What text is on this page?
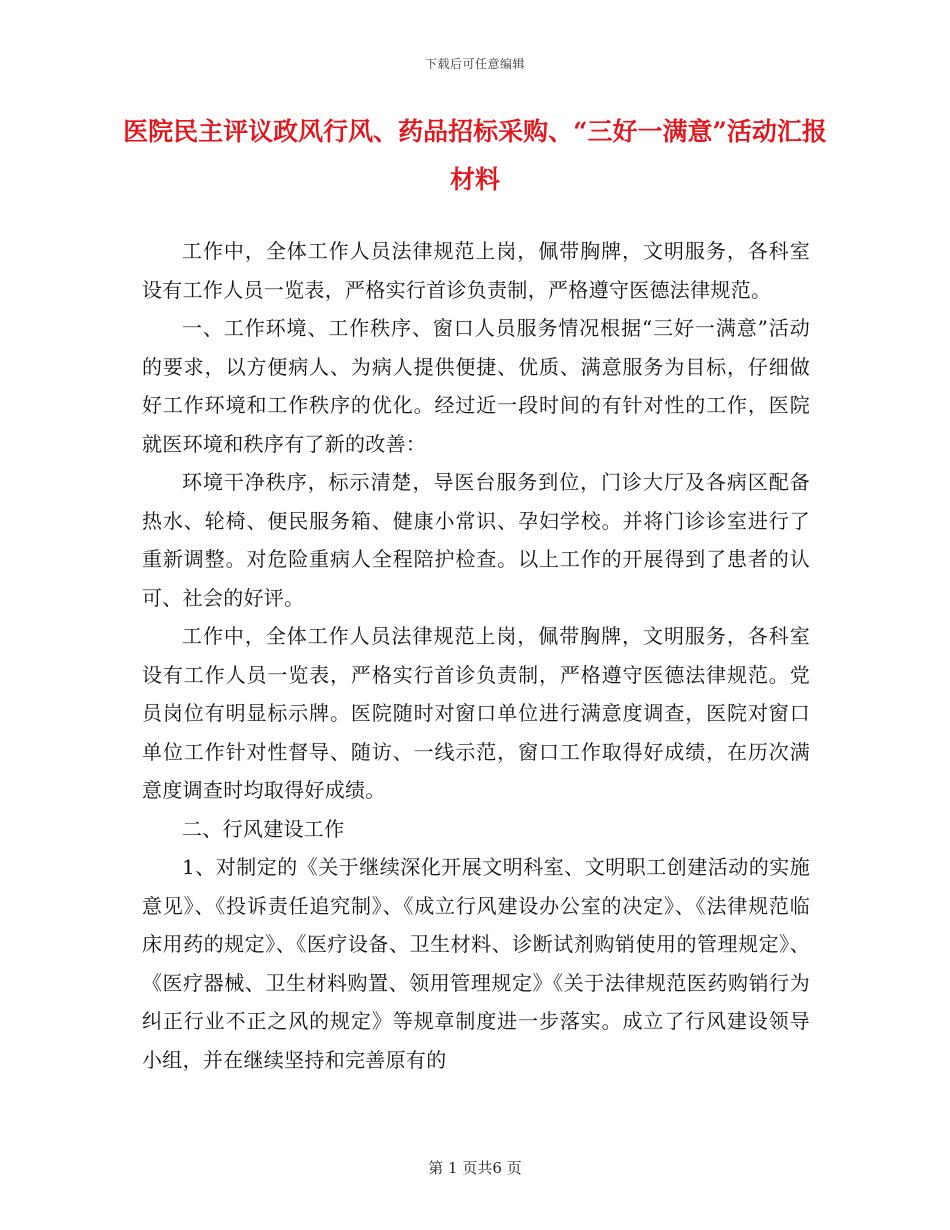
下载后可任意编辑
医院民主评议政风行风、药品招标采购、“三好一满意”活动汇报材料

工作中，全体工作人员法律规范上岗，佩带胸牌，文明服务，各科室设有工作人员一览表，严格实行首诊负责制，严格遵守医德法律规范。

一、工作环境、工作秩序、窗口人员服务情况根据“三好一满意”活动的要求，以方便病人、为病人提供便捷、优质、满意服务为目标，仔细做好工作环境和工作秩序的优化。经过近一段时间的有针对性的工作，医院就医环境和秩序有了新的改善：

环境干净秩序，标示清楚，导医台服务到位，门诊大厅及各病区配备热水、轮椅、便民服务箱、健康小常识、孕妇学校。并将门诊诊室进行了重新调整。对危险重病人全程陪护检查。以上工作的开展得到了患者的认可、社会的好评。

工作中，全体工作人员法律规范上岗，佩带胸牌，文明服务，各科室设有工作人员一览表，严格实行首诊负责制，严格遵守医德法律规范。党员岗位有明显标示牌。医院随时对窗口单位进行满意度调查，医院对窗口单位工作针对性督导、随访、一线示范，窗口工作取得好成绩，在历次满意度调查时均取得好成绩。

二、行风建设工作

1、对制定的《关于继续深化开展文明科室、文明职工创建活动的实施意见》、《投诉责任追究制》、《成立行风建设办公室的决定》、《法律规范临床用药的规定》、《医疗设备、卫生材料、诊断试剂购销使用的管理规定》、《医疗器械、卫生材料购置、领用管理规定》《关于法律规范医药购销行为纠正行业不正之风的规定》等规章制度进一步落实。成立了行风建设领导小组，并在继续坚持和完善原有的

第 1 页共6 页
